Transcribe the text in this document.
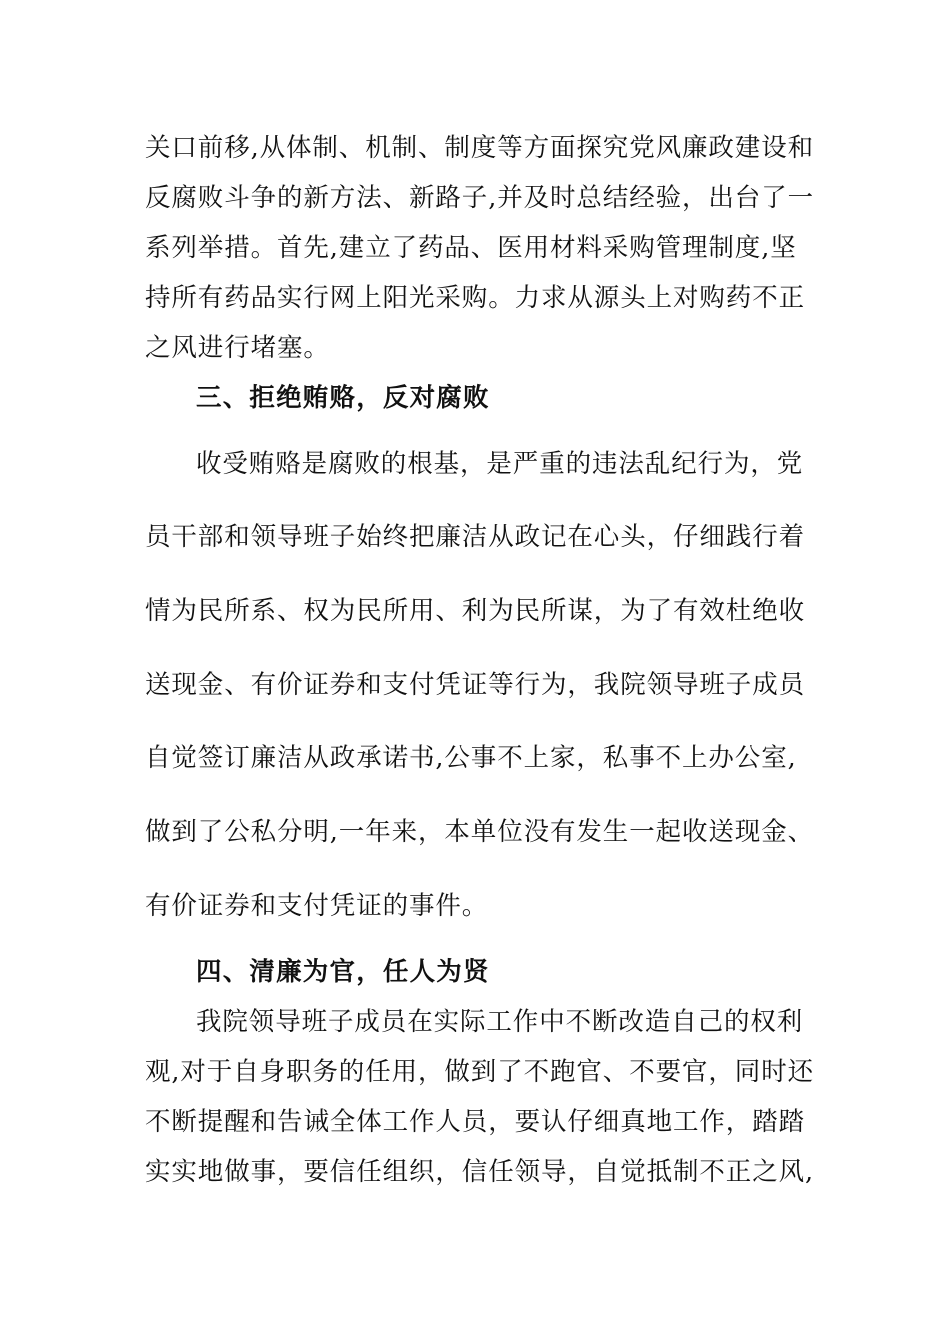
关口前移,从体制、机制、制度等方面探究党风廉政建设和
反腐败斗争的新方法、新路子,并及时总结经验，出台了一
系列举措。首先,建立了药品、医用材料采购管理制度,坚
持所有药品实行网上阳光采购。力求从源头上对购药不正
之风进行堵塞。
三、拒绝贿赂，反对腐败
收受贿赂是腐败的根基，是严重的违法乱纪行为，党
员干部和领导班子始终把廉洁从政记在心头，仔细践行着
情为民所系、权为民所用、利为民所谋，为了有效杜绝收
送现金、有价证券和支付凭证等行为，我院领导班子成员
自觉签订廉洁从政承诺书,公事不上家，私事不上办公室,
做到了公私分明,一年来，本单位没有发生一起收送现金、
有价证券和支付凭证的事件。
四、清廉为官，任人为贤
我院领导班子成员在实际工作中不断改造自己的权利
观,对于自身职务的任用，做到了不跑官、不要官，同时还
不断提醒和告诫全体工作人员，要认仔细真地工作，踏踏
实实地做事，要信任组织，信任领导，自觉抵制不正之风,
